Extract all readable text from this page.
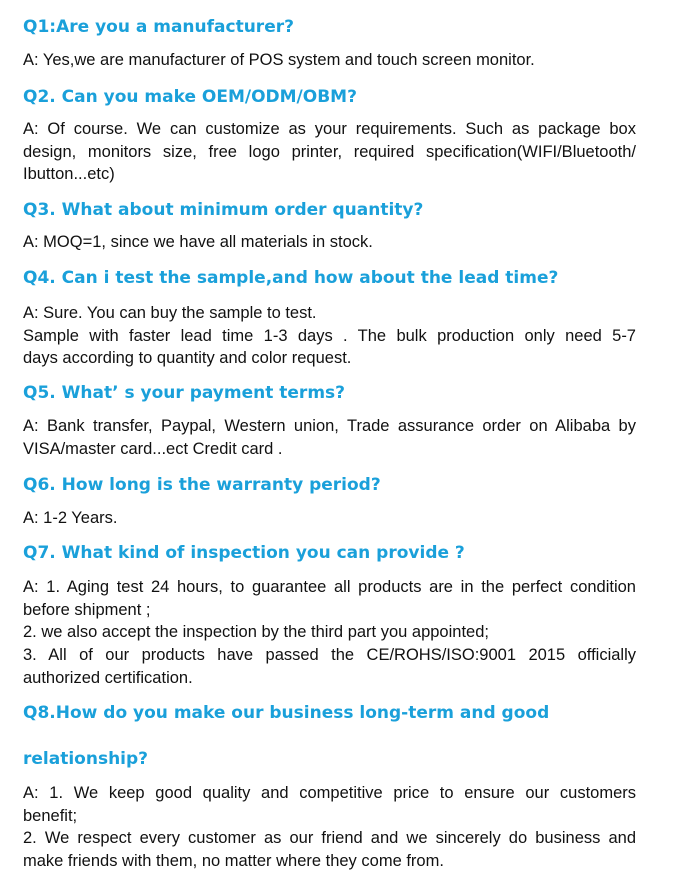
Q1:Are you a manufacturer?
A: Yes,we are manufacturer of POS system and touch screen monitor.
Q2. Can you make OEM/ODM/OBM?
A: Of course. We can customize as your requirements. Such as package box
design, monitors size, free logo printer, required specification(WIFI/Bluetooth/
Ibutton...etc)
Q3. What about minimum order quantity?
A: MOQ=1, since we have all materials in stock.
Q4. Can i test the sample,and how about the lead time?
A: Sure. You can buy the sample to test.
Sample with faster lead time 1-3 days . The bulk production only need 5-7
days according to quantity and color request.
Q5. What’ s your payment terms?
A: Bank transfer, Paypal, Western union, Trade assurance order on Alibaba by
VISA/master card...ect Credit card .
Q6. How long is the warranty period?
A: 1-2 Years.
Q7. What kind of inspection you can provide ?
A: 1. Aging test 24 hours, to guarantee all products are in the perfect condition
before shipment ;
2. we also accept the inspection by the third part you appointed;
3. All of our products have passed the CE/ROHS/ISO:9001 2015 officially
authorized certification.
Q8.How do you make our business long-term and good
relationship?
A: 1. We keep good quality and competitive price to ensure our customers
benefit;
2. We respect every customer as our friend and we sincerely do business and
make friends with them, no matter where they come from.
